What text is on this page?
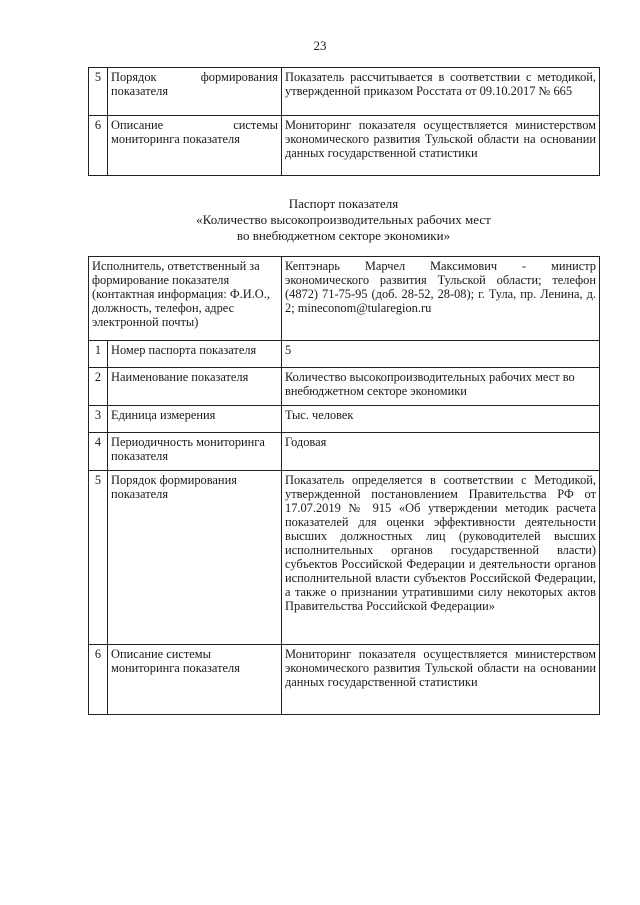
23
5	Порядок формирования показателя	Показатель рассчитывается в соответствии с методикой, утвержденной приказом Росстата от 09.10.2017 № 665
6	Описание системы мониторинга показателя	Мониторинг показателя осуществляется министерством экономического развития Тульской области на основании данных государственной статистики
Паспорт показателя
«Количество высокопроизводительных рабочих мест
во внебюджетном секторе экономики»
Исполнитель, ответственный за формирование показателя (контактная информация: Ф.И.О., должность, телефон, адрес электронной почты)		Кептэнарь Марчел Максимович - министр экономического развития Тульской области; телефон (4872) 71-75-95 (доб. 28-52, 28-08); г. Тула, пр. Ленина, д. 2; mineconom@tularegion.ru
1	Номер паспорта показателя	5
2	Наименование показателя	Количество высокопроизводительных рабочих мест во внебюджетном секторе экономики
3	Единица измерения	Тыс. человек
4	Периодичность мониторинга показателя	Годовая
5	Порядок формирования показателя	Показатель определяется в соответствии с Методикой, утвержденной постановлением Правительства РФ от 17.07.2019 № 915 «Об утверждении методик расчета показателей для оценки эффективности деятельности высших должностных лиц (руководителей высших исполнительных органов государственной власти) субъектов Российской Федерации и деятельности органов исполнительной власти субъектов Российской Федерации, а также о признании утратившими силу некоторых актов Правительства Российской Федерации»
6	Описание системы мониторинга показателя	Мониторинг показателя осуществляется министерством экономического развития Тульской области на основании данных государственной статистики
